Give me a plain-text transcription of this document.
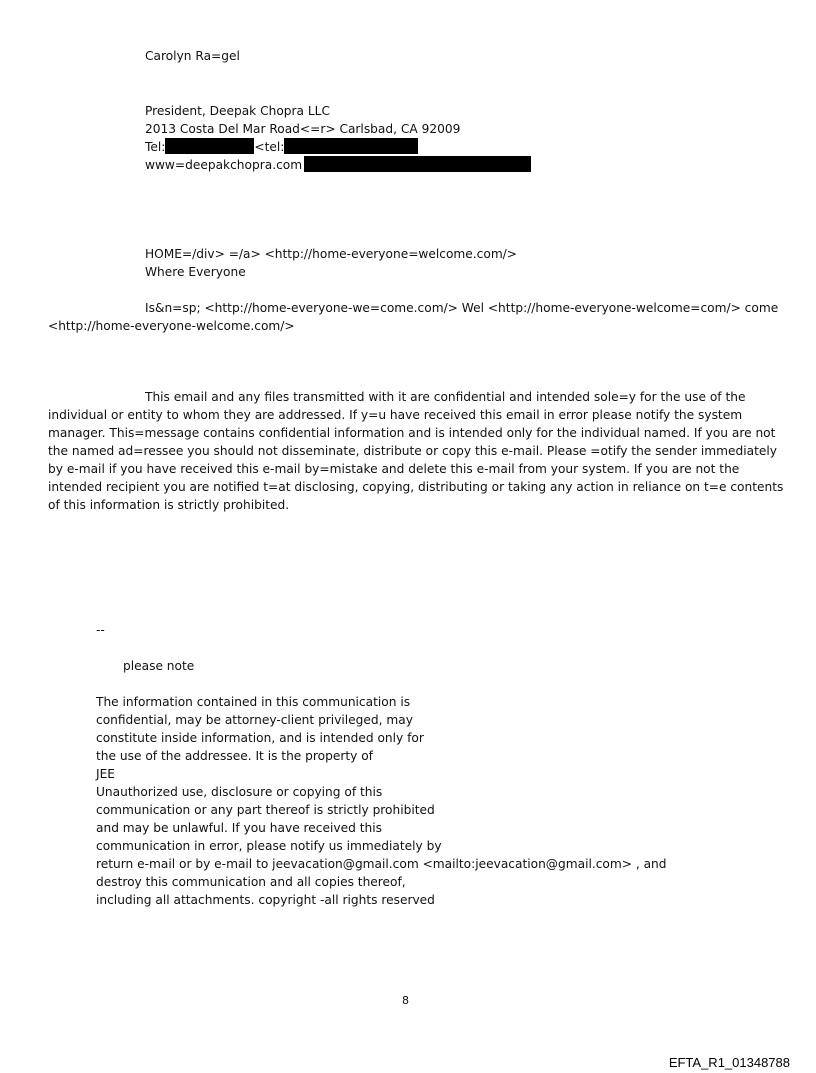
Carolyn Ra=gel
President, Deepak Chopra LLC
2013 Costa Del Mar Road<=r> Carlsbad, CA 92009
Tel:	<tel:
www=deepakchopra.com
HOME=/div> =/a> <http://home-everyone=welcome.com/>
Where Everyone
Is&n=sp; <http://home-everyone-we=come.com/> Wel <http://home-everyone-welcome=com/> come
<http://home-everyone-welcome.com/>
This email and any files transmitted with it are confidential and intended sole=y for the use of the
individual or entity to whom they are addressed. If y=u have received this email in error please notify the system
manager. This=message contains confidential information and is intended only for the individual named. If you are not
the named ad=ressee you should not disseminate, distribute or copy this e-mail. Please =otify the sender immediately
by e-mail if you have received this e-mail by=mistake and delete this e-mail from your system. If you are not the
intended recipient you are notified t=at disclosing, copying, distributing or taking any action in reliance on t=e contents
of this information is strictly prohibited.
--
please note
The information contained in this communication is
confidential, may be attorney-client privileged, may
constitute inside information, and is intended only for
the use of the addressee. It is the property of
JEE
Unauthorized use, disclosure or copying of this
communication or any part thereof is strictly prohibited
and may be unlawful. If you have received this
communication in error, please notify us immediately by
return e-mail or by e-mail to jeevacation@gmail.com <mailto:jeevacation@gmail.com> , and
destroy this communication and all copies thereof,
including all attachments. copyright -all rights reserved
8
EFTA_R1_01348788
